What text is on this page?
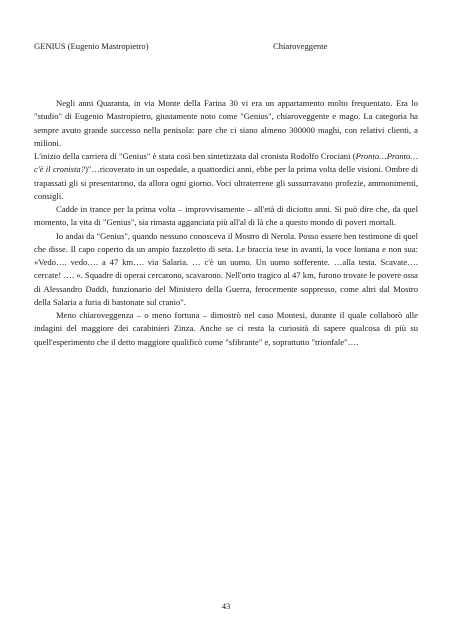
GENIUS (Eugenio Mastropietro)	Chiaroveggente

Negli anni Quaranta, in via Monte della Farina 30 vi era un appartamento molto frequentato. Era lo "studio" di Eugenio Mastropietro, giustamente noto come "Genius", chiaroveggente e mago. La categoria ha sempre avuto grande successo nella penisola: pare che ci siano almeno 300000 maghi, con relativi clienti, a milioni.

L'inizio della carriera di "Genius" è stata così ben sintetizzata dal cronista Rodolfo Crociani (Pronto…Pronto…c'è il cronista?)"…ricoverato in un ospedale, a quattordici anni, ebbe per la prima volta delle visioni. Ombre di trapassati gli si presentarono, da allora ogni giorno. Voci ultraterrene gli sussurravano profezie, ammonimenti, consigli.

Cadde in trance per la prima volta – improvvisamente – all'età di diciotto anni. Si può dire che, da quel momento, la vita di "Genius", sia rimasta agganciata più all'al di là che a questo mondo di poveri mortali.

Io andai da "Genius", quando nessuno conosceva il Mostro di Nerola. Posso essere ben testimone di quel che disse. Il capo coperto da un ampio fazzoletto di seta. Le braccia tese in avanti, la voce lontana e non sua: «Vedo…. vedo…. a 47 km…. via Salaria. … c'è un uomo. Un uomo sofferente. …alla testa. Scavate…. cercate! …. ». Squadre di operai cercarono, scavarono. Nell'orto tragico al 47 km, furono trovate le povere ossa di Alessandro Daddi, funzionario del Ministero della Guerra, ferocemente soppresso, come altri dal Mostro della Salaria a furia di bastonate sul cranio".

Meno chiaroveggenza – o meno fortuna – dimostrò nel caso Montesi, durante il quale collaborò alle indagini del maggiore dei carabinieri Zinza. Anche se ci resta la curiosità di sapere qualcosa di più su quell'esperimento che il detto maggiore qualificò come "sfibrante" e, soprattutto "trionfale"….

43
